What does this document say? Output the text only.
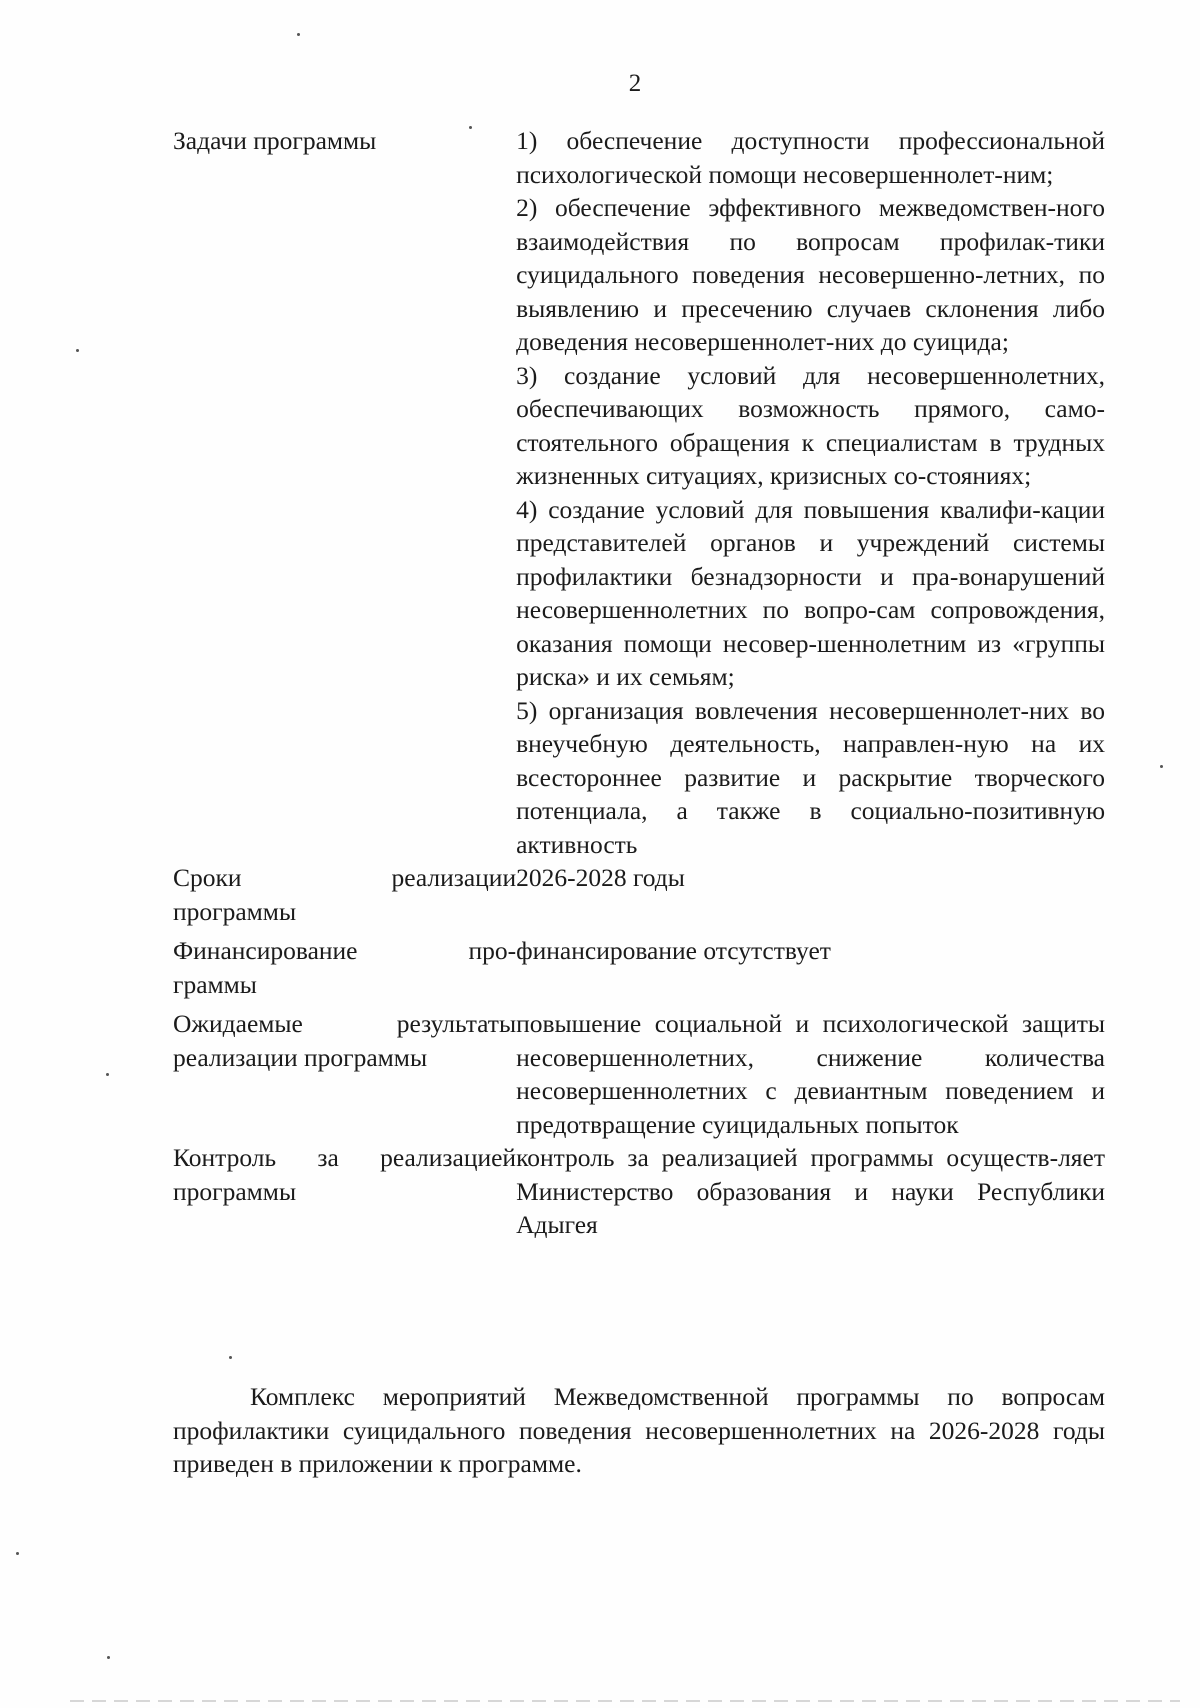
2
Задачи программы	1) обеспечение доступности профессиональной психологической помощи несовершеннолет-ним;

2) обеспечение эффективного межведомствен-ного взаимодействия по вопросам профилак-тики суицидального поведения несовершенно-летних, по выявлению и пресечению случаев склонения либо доведения несовершеннолет-них до суицида;

3) создание условий для несовершеннолетних, обеспечивающих возможность прямого, само-стоятельного обращения к специалистам в трудных жизненных ситуациях, кризисных со-стояниях;

4) создание условий для повышения квалифи-кации представителей органов и учреждений системы профилактики безнадзорности и пра-вонарушений несовершеннолетних по вопро-сам сопровождения, оказания помощи несовер-шеннолетним из «группы риска» и их семьям;

5) организация вовлечения несовершеннолет-них во внеучебную деятельность, направлен-ную на их всестороннее развитие и раскрытие творческого потенциала, а также в социально-позитивную активность

Сроки реализации
программы	2026-2028 годы

Финансирование про-
граммы	финансирование отсутствует

Ожидаемые результаты
реализации программы	повышение социальной и психологической защиты несовершеннолетних, снижение количества несовершеннолетних с девиантным поведением и предотвращение суицидальных попыток

Контроль за реализацией
программы	контроль за реализацией программы осуществ-ляет Министерство образования и науки Республики Адыгея

Комплекс мероприятий Межведомственной программы по вопросам профилактики суицидального поведения несовершеннолетних на 2026-2028 годы приведен в приложении к программе.
